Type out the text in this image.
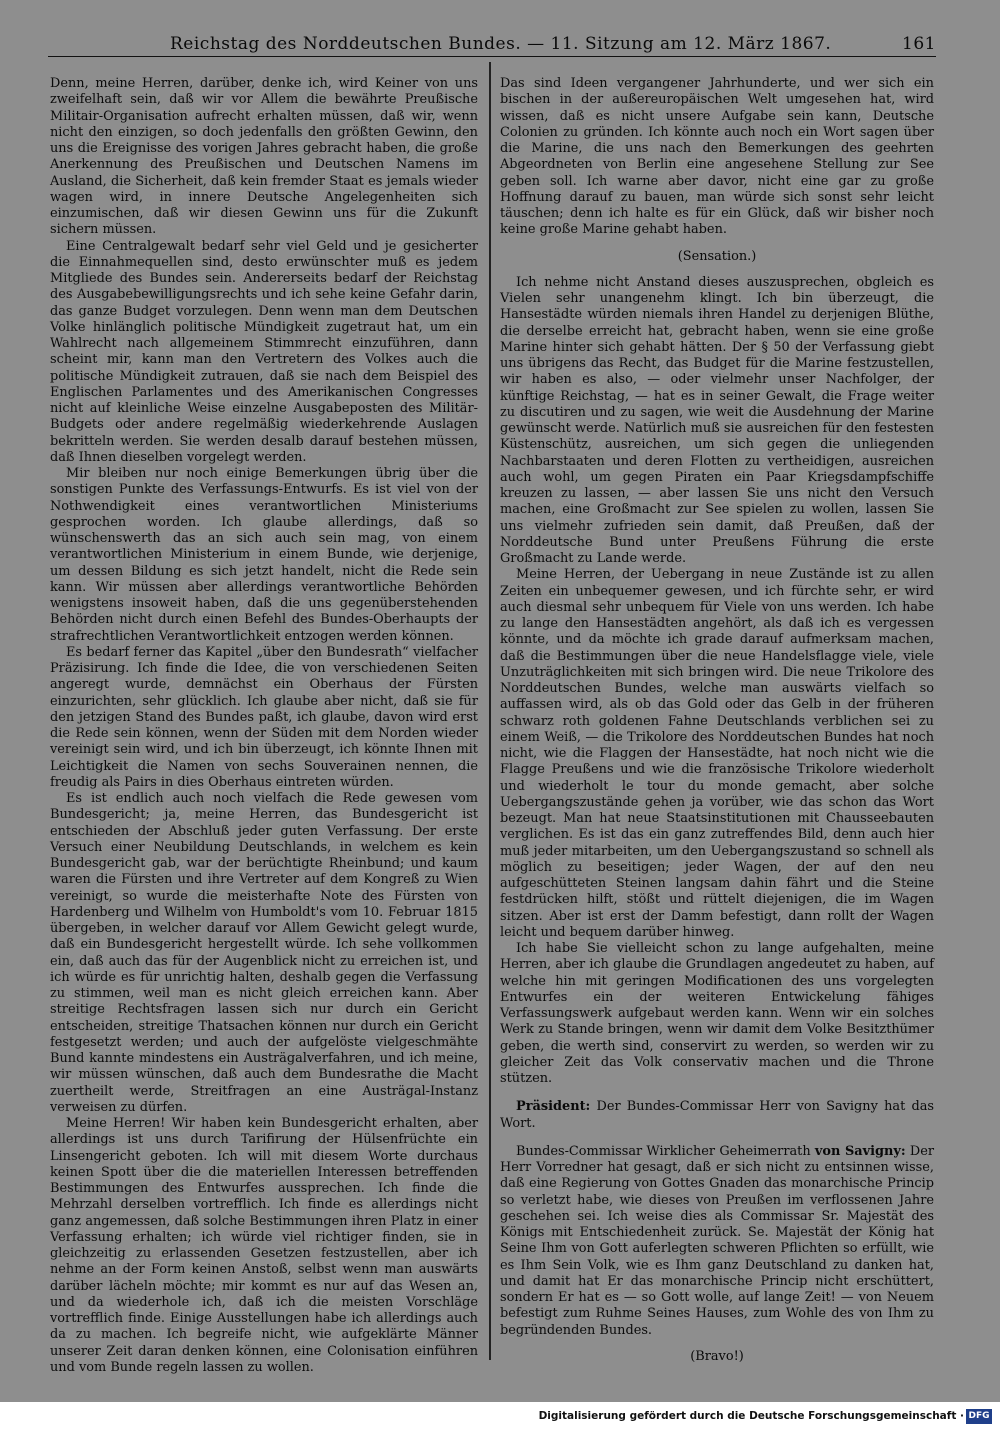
Reichstag des Norddeutschen Bundes. — 11. Sitzung am 12. März 1867.	161

Denn, meine Herren, darüber, denke ich, wird Keiner von uns zweifelhaft sein, daß wir vor Allem die bewährte Preußische Militair-Organisation aufrecht erhalten müssen, daß wir, wenn nicht den einzigen, so doch jedenfalls den größten Gewinn, den uns die Ereignisse des vorigen Jahres gebracht haben, die große Anerkennung des Preußischen und Deutschen Namens im Ausland, die Sicherheit, daß kein fremder Staat es jemals wieder wagen wird, in innere Deutsche Angelegenheiten sich einzumischen, daß wir diesen Gewinn uns für die Zukunft sichern müssen.

Eine Centralgewalt bedarf sehr viel Geld und je gesicherter die Einnahmequellen sind, desto erwünschter muß es jedem Mitgliede des Bundes sein. Andererseits bedarf der Reichstag des Ausgabebewilligungsrechts und ich sehe keine Gefahr darin, das ganze Budget vorzulegen. Denn wenn man dem Deutschen Volke hinlänglich politische Mündigkeit zugetraut hat, um ein Wahlrecht nach allgemeinem Stimmrecht einzuführen, dann scheint mir, kann man den Vertretern des Volkes auch die politische Mündigkeit zutrauen, daß sie nach dem Beispiel des Englischen Parlamentes und des Amerikanischen Congresses nicht auf kleinliche Weise einzelne Ausgabeposten des Militär-Budgets oder andere regelmäßig wiederkehrende Auslagen bekritteln werden. Sie werden desalb darauf bestehen müssen, daß Ihnen dieselben vorgelegt werden.

Mir bleiben nur noch einige Bemerkungen übrig über die sonstigen Punkte des Verfassungs-Entwurfs. Es ist viel von der Nothwendigkeit eines verantwortlichen Ministeriums gesprochen worden. Ich glaube allerdings, daß so wünschenswerth das an sich auch sein mag, von einem verantwortlichen Ministerium in einem Bunde, wie derjenige, um dessen Bildung es sich jetzt handelt, nicht die Rede sein kann. Wir müssen aber allerdings verantwortliche Behörden wenigstens insoweit haben, daß die uns gegenüberstehenden Behörden nicht durch einen Befehl des Bundes-Oberhaupts der strafrechtlichen Verantwortlichkeit entzogen werden können.

Es bedarf ferner das Kapitel „über den Bundesrath“ vielfacher Präzisirung. Ich finde die Idee, die von verschiedenen Seiten angeregt wurde, demnächst ein Oberhaus der Fürsten einzurichten, sehr glücklich. Ich glaube aber nicht, daß sie für den jetzigen Stand des Bundes paßt, ich glaube, davon wird erst die Rede sein können, wenn der Süden mit dem Norden wieder vereinigt sein wird, und ich bin überzeugt, ich könnte Ihnen mit Leichtigkeit die Namen von sechs Souverainen nennen, die freudig als Pairs in dies Oberhaus eintreten würden.

Es ist endlich auch noch vielfach die Rede gewesen vom Bundesgericht; ja, meine Herren, das Bundesgericht ist entschieden der Abschluß jeder guten Verfassung. Der erste Versuch einer Neubildung Deutschlands, in welchem es kein Bundesgericht gab, war der berüchtigte Rheinbund; und kaum waren die Fürsten und ihre Vertreter auf dem Kongreß zu Wien vereinigt, so wurde die meisterhafte Note des Fürsten von Hardenberg und Wilhelm von Humboldt's vom 10. Februar 1815 übergeben, in welcher darauf vor Allem Gewicht gelegt wurde, daß ein Bundesgericht hergestellt würde. Ich sehe vollkommen ein, daß auch das für der Augenblick nicht zu erreichen ist, und ich würde es für unrichtig halten, deshalb gegen die Verfassung zu stimmen, weil man es nicht gleich erreichen kann. Aber streitige Rechtsfragen lassen sich nur durch ein Gericht entscheiden, streitige Thatsachen können nur durch ein Gericht festgesetzt werden; und auch der aufgelöste vielgeschmähte Bund kannte mindestens ein Austrägalverfahren, und ich meine, wir müssen wünschen, daß auch dem Bundesrathe die Macht zuertheilt werde, Streitfragen an eine Austrägal-Instanz verweisen zu dürfen.

Meine Herren! Wir haben kein Bundesgericht erhalten, aber allerdings ist uns durch Tarifirung der Hülsenfrüchte ein Linsengericht geboten. Ich will mit diesem Worte durchaus keinen Spott über die die materiellen Interessen betreffenden Bestimmungen des Entwurfes aussprechen. Ich finde die Mehrzahl derselben vortrefflich. Ich finde es allerdings nicht ganz angemessen, daß solche Bestimmungen ihren Platz in einer Verfassung erhalten; ich würde viel richtiger finden, sie in gleichzeitig zu erlassenden Gesetzen festzustellen, aber ich nehme an der Form keinen Anstoß, selbst wenn man auswärts darüber lächeln möchte; mir kommt es nur auf das Wesen an, und da wiederhole ich, daß ich die meisten Vorschläge vortrefflich finde. Einige Ausstellungen habe ich allerdings auch da zu machen. Ich begreife nicht, wie aufgeklärte Männer unserer Zeit daran denken können, eine Colonisation einführen und vom Bunde regeln lassen zu wollen.

Das sind Ideen vergangener Jahrhunderte, und wer sich ein bischen in der außereuropäischen Welt umgesehen hat, wird wissen, daß es nicht unsere Aufgabe sein kann, Deutsche Colonien zu gründen. Ich könnte auch noch ein Wort sagen über die Marine, die uns nach den Bemerkungen des geehrten Abgeordneten von Berlin eine angesehene Stellung zur See geben soll. Ich warne aber davor, nicht eine gar zu große Hoffnung darauf zu bauen, man würde sich sonst sehr leicht täuschen; denn ich halte es für ein Glück, daß wir bisher noch keine große Marine gehabt haben.

(Sensation.)

Ich nehme nicht Anstand dieses auszusprechen, obgleich es Vielen sehr unangenehm klingt. Ich bin überzeugt, die Hansestädte würden niemals ihren Handel zu derjenigen Blüthe, die derselbe erreicht hat, gebracht haben, wenn sie eine große Marine hinter sich gehabt hätten. Der § 50 der Verfassung giebt uns übrigens das Recht, das Budget für die Marine festzustellen, wir haben es also, — oder vielmehr unser Nachfolger, der künftige Reichstag, — hat es in seiner Gewalt, die Frage weiter zu discutiren und zu sagen, wie weit die Ausdehnung der Marine gewünscht werde. Natürlich muß sie ausreichen für den festesten Küstenschütz, ausreichen, um sich gegen die unliegenden Nachbarstaaten und deren Flotten zu vertheidigen, ausreichen auch wohl, um gegen Piraten ein Paar Kriegsdampfschiffe kreuzen zu lassen, — aber lassen Sie uns nicht den Versuch machen, eine Großmacht zur See spielen zu wollen, lassen Sie uns vielmehr zufrieden sein damit, daß Preußen, daß der Norddeutsche Bund unter Preußens Führung die erste Großmacht zu Lande werde.

Meine Herren, der Uebergang in neue Zustände ist zu allen Zeiten ein unbequemer gewesen, und ich fürchte sehr, er wird auch diesmal sehr unbequem für Viele von uns werden. Ich habe zu lange den Hansestädten angehört, als daß ich es vergessen könnte, und da möchte ich grade darauf aufmerksam machen, daß die Bestimmungen über die neue Handelsflagge viele, viele Unzuträglichkeiten mit sich bringen wird. Die neue Trikolore des Norddeutschen Bundes, welche man auswärts vielfach so auffassen wird, als ob das Gold oder das Gelb in der früheren schwarz roth goldenen Fahne Deutschlands verblichen sei zu einem Weiß, — die Trikolore des Norddeutschen Bundes hat noch nicht, wie die Flaggen der Hansestädte, hat noch nicht wie die Flagge Preußens und wie die französische Trikolore wiederholt und wiederholt le tour du monde gemacht, aber solche Uebergangszustände gehen ja vorüber, wie das schon das Wort bezeugt. Man hat neue Staatsinstitutionen mit Chausseebauten verglichen. Es ist das ein ganz zutreffendes Bild, denn auch hier muß jeder mitarbeiten, um den Uebergangszustand so schnell als möglich zu beseitigen; jeder Wagen, der auf den neu aufgeschütteten Steinen langsam dahin fährt und die Steine festdrücken hilft, stößt und rüttelt diejenigen, die im Wagen sitzen. Aber ist erst der Damm befestigt, dann rollt der Wagen leicht und bequem darüber hinweg.

Ich habe Sie vielleicht schon zu lange aufgehalten, meine Herren, aber ich glaube die Grundlagen angedeutet zu haben, auf welche hin mit geringen Modificationen des uns vorgelegten Entwurfes ein der weiteren Entwickelung fähiges Verfassungswerk aufgebaut werden kann. Wenn wir ein solches Werk zu Stande bringen, wenn wir damit dem Volke Besitzthümer geben, die werth sind, conservirt zu werden, so werden wir zu gleicher Zeit das Volk conservativ machen und die Throne stützen.

Präsident: Der Bundes-Commissar Herr von Savigny hat das Wort.

Bundes-Commissar Wirklicher Geheimerrath von Savigny: Der Herr Vorredner hat gesagt, daß er sich nicht zu entsinnen wisse, daß eine Regierung von Gottes Gnaden das monarchische Princip so verletzt habe, wie dieses von Preußen im verflossenen Jahre geschehen sei. Ich weise dies als Commissar Sr. Majestät des Königs mit Entschiedenheit zurück. Se. Majestät der König hat Seine Ihm von Gott auferlegten schweren Pflichten so erfüllt, wie es Ihm Sein Volk, wie es Ihm ganz Deutschland zu danken hat, und damit hat Er das monarchische Princip nicht erschüttert, sondern Er hat es — so Gott wolle, auf lange Zeit! — von Neuem befestigt zum Ruhme Seines Hauses, zum Wohle des von Ihm zu begründenden Bundes.

(Bravo!)

Digitalisierung gefördert durch die Deutsche Forschungsgemeinschaft · DFG
